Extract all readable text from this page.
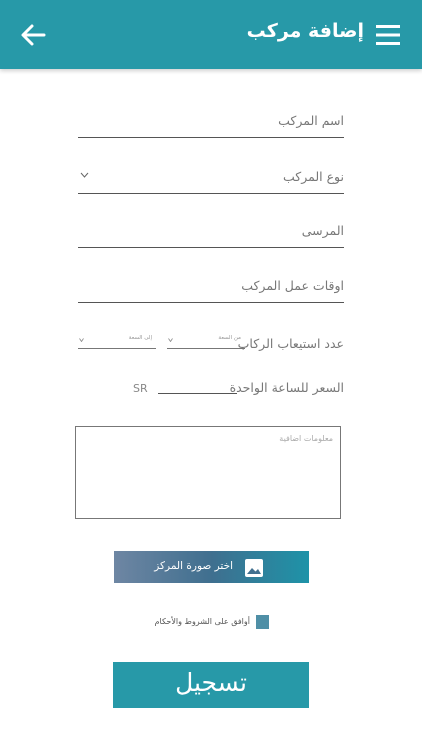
إضافة مركب
اسم المركب
نوع المركب
المرسى
اوقات عمل المركب
عدد استيعاب الركاب
من السعة
إلى السعة
السعر للساعة الواحدة
SR
معلومات اضافية
اختر صورة المركز
أوافق على الشروط والأحكام
تسجيل
